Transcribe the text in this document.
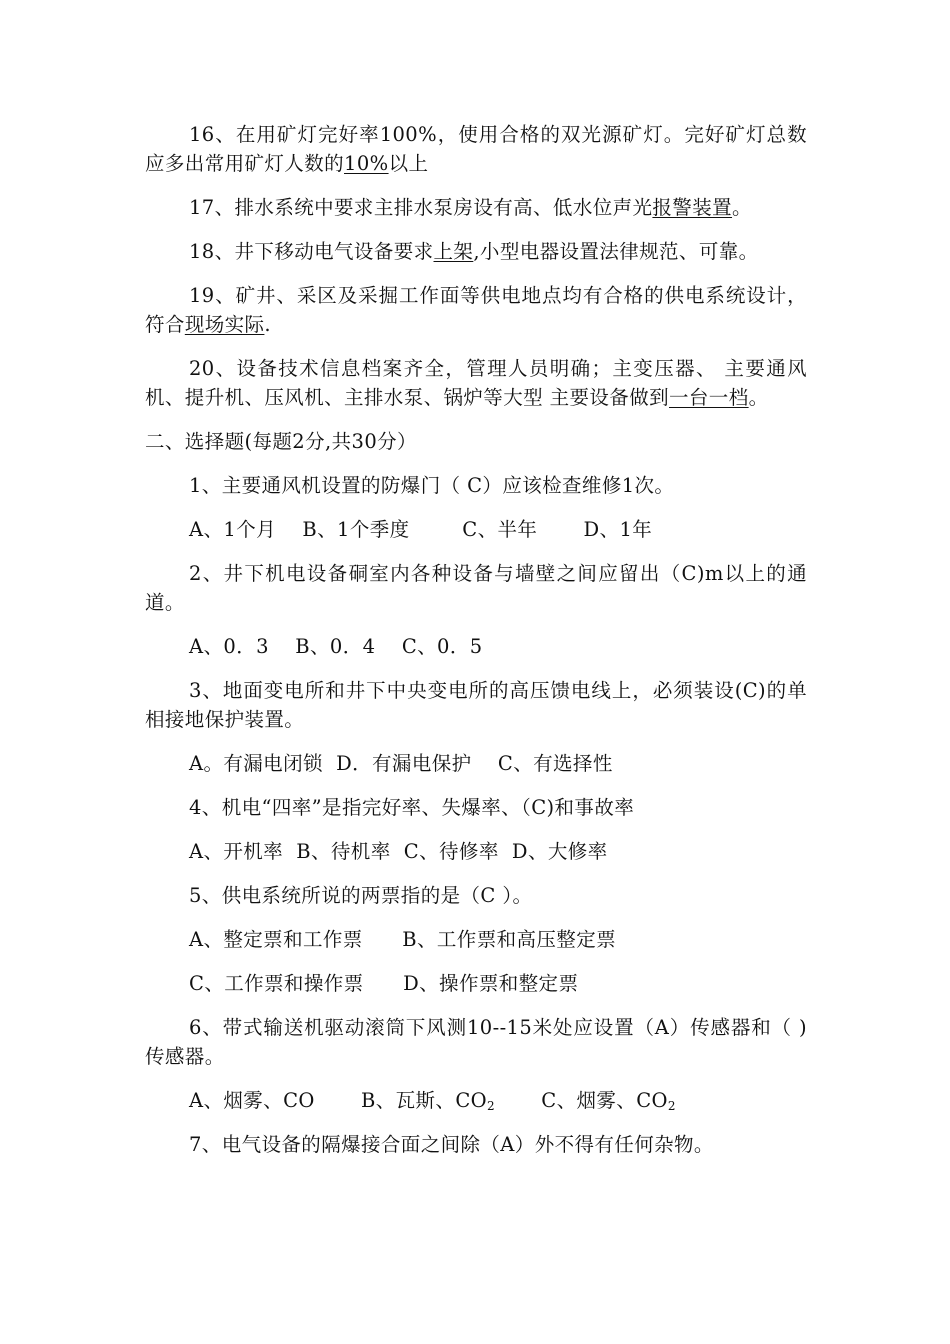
16、在用矿灯完好率100%，使用合格的双光源矿灯。完好矿灯总数应多出常用矿灯人数的10%以上

17、排水系统中要求主排水泵房设有高、低水位声光报警装置。

18、井下移动电气设备要求上架,小型电器设置法律规范、可靠。

19、矿井、采区及采掘工作面等供电地点均有合格的供电系统设计，符合现场实际.

20、设备技术信息档案齐全，管理人员明确；主变压器、 主要通风机、提升机、压风机、主排水泵、锅炉等大型 主要设备做到一台一档。

二、选择题(每题2分,共30分）

1、主要通风机设置的防爆门（ C）应该检查维修1次。

A、1个月    B、1个季度        C、半年       D、1年

2、井下机电设备硐室内各种设备与墙壁之间应留出（C)m以上的通道。

A、0．3    B、0．4    C、0．5

3、地面变电所和井下中央变电所的高压馈电线上，必须装设(C)的单相接地保护装置。

A。有漏电闭锁  D．有漏电保护    C、有选择性

4、机电“四率”是指完好率、失爆率、（C)和事故率

A、开机率  B、待机率  C、待修率  D、大修率

5、供电系统所说的两票指的是（C ）。

A、整定票和工作票      B、工作票和高压整定票

C、工作票和操作票      D、操作票和整定票

6、带式输送机驱动滚筒下风测10--15米处应设置（A）传感器和（ )传感器。

A、烟雾、CO       B、瓦斯、$CO_2$       C、烟雾、$CO_2$

7、电气设备的隔爆接合面之间除（A）外不得有任何杂物。
